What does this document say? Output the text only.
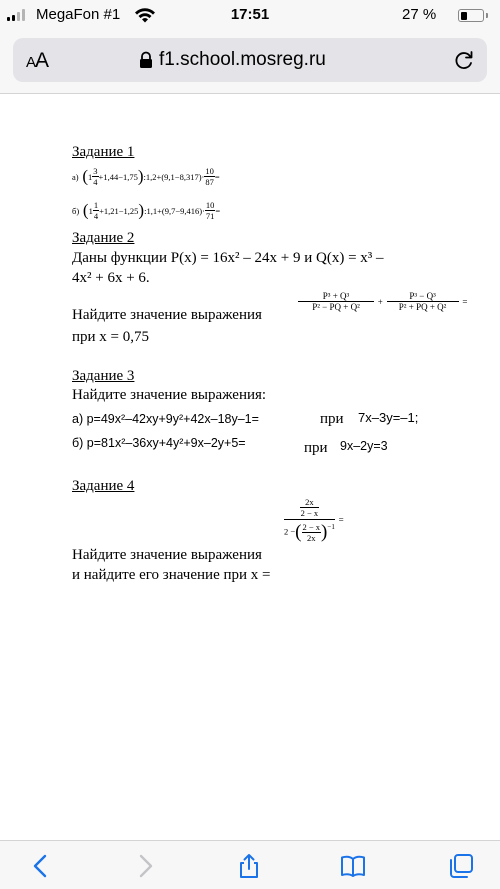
MegaFon #1	17:51	27 %
AA	f1.school.mosreg.ru
Задание 1
а) ($1 \frac{3}{4}$ +1,44−1,75):1,2+(9,1−8,317)· $\frac{10}{87}$ =
б) ($1 \frac{1}{4}$ +1,21−1,25):1,1+(9,7−9,416)· $\frac{10}{71}$ =
Задание 2
Даны функции P(x) = 16x² – 24x + 9 и Q(x) = x³ –
4x² + 6x + 6.
Найдите значение выражения
при x = 0,75
$\frac{\text{P³ + Q³}}{\text{P² − PQ + Q²}} + \frac{\text{P³ − Q³}}{\text{P² + PQ + Q²}}$ =
Задание 3
Найдите значение выражения:
а) p=49x²–42xy+9y²+42x–18y–1=	при 7x–3y=–1;
б) p=81x²–36xy+4y²+9x–2y+5=	при 9x–2y=3
Задание 4
$\frac{\frac{2x}{2 - x}}{2 -( \frac{2 - x}{2x} )^{-1}}$ =
Найдите значение выражения
и найдите его значение при x =
